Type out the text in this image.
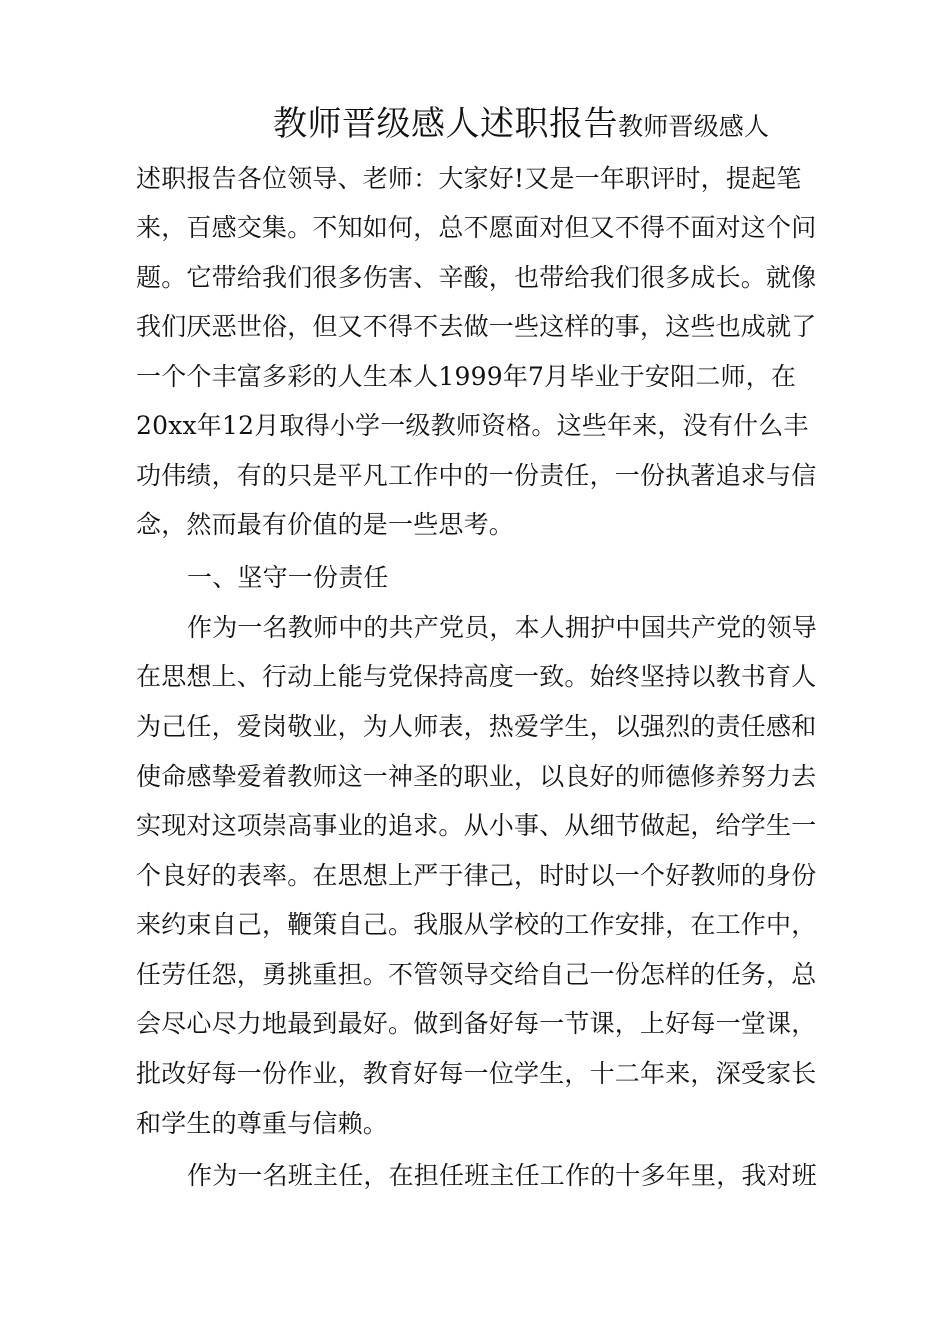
教师晋级感人述职报告教师晋级感人
述职报告各位领导、老师：大家好!又是一年职评时，提起笔
来，百感交集。不知如何，总不愿面对但又不得不面对这个问
题。它带给我们很多伤害、辛酸，也带给我们很多成长。就像
我们厌恶世俗，但又不得不去做一些这样的事，这些也成就了
一个个丰富多彩的人生本人1999年7月毕业于安阳二师，在
20xx年12月取得小学一级教师资格。这些年来，没有什么丰
功伟绩，有的只是平凡工作中的一份责任，一份执著追求与信
念，然而最有价值的是一些思考。
一、坚守一份责任
作为一名教师中的共产党员，本人拥护中国共产党的领导
在思想上、行动上能与党保持高度一致。始终坚持以教书育人
为己任，爱岗敬业，为人师表，热爱学生，以强烈的责任感和
使命感挚爱着教师这一神圣的职业，以良好的师德修养努力去
实现对这项崇高事业的追求。从小事、从细节做起，给学生一
个良好的表率。在思想上严于律己，时时以一个好教师的身份
来约束自己，鞭策自己。我服从学校的工作安排，在工作中，
任劳任怨，勇挑重担。不管领导交给自己一份怎样的任务，总
会尽心尽力地最到最好。做到备好每一节课，上好每一堂课，
批改好每一份作业，教育好每一位学生，十二年来，深受家长
和学生的尊重与信赖。
作为一名班主任，在担任班主任工作的十多年里，我对班
